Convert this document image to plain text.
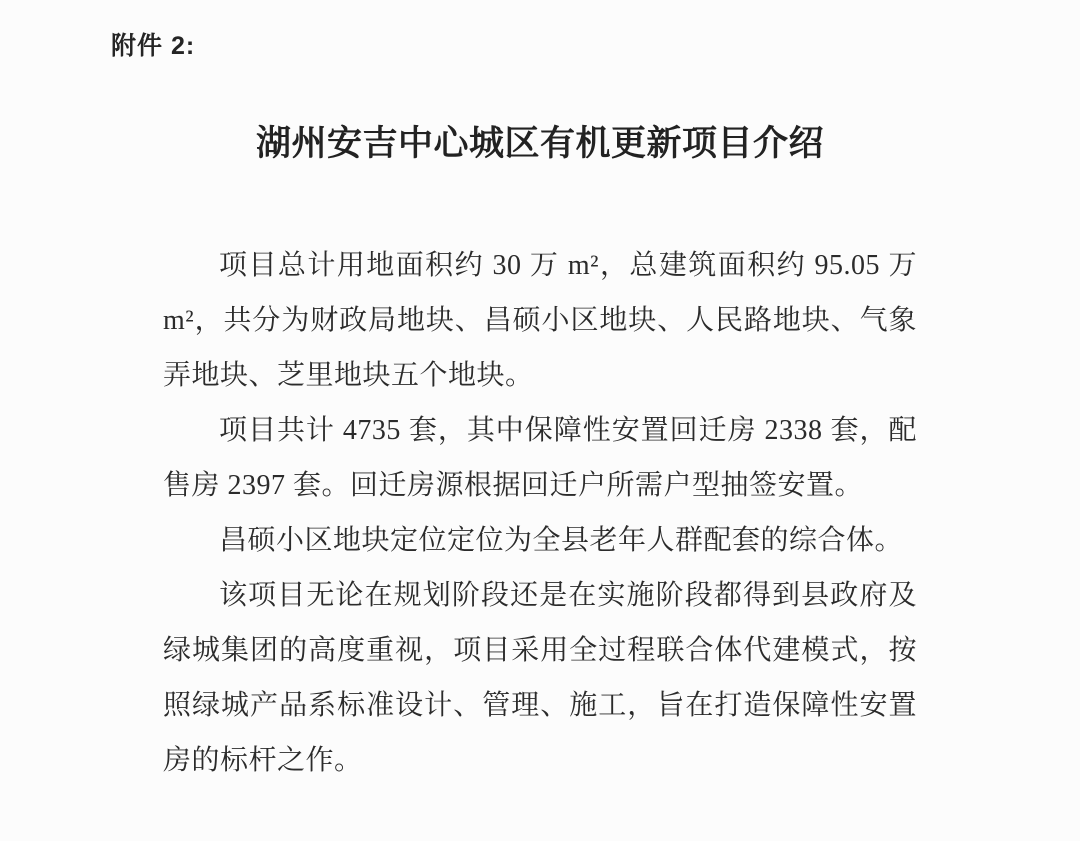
附件 2:
湖州安吉中心城区有机更新项目介绍

项目总计用地面积约 30 万 m²，总建筑面积约 95.05 万m²，共分为财政局地块、昌硕小区地块、人民路地块、气象弄地块、芝里地块五个地块。

项目共计 4735 套，其中保障性安置回迁房 2338 套，配售房 2397 套。回迁房源根据回迁户所需户型抽签安置。

昌硕小区地块定位定位为全县老年人群配套的综合体。

该项目无论在规划阶段还是在实施阶段都得到县政府及绿城集团的高度重视，项目采用全过程联合体代建模式，按照绿城产品系标准设计、管理、施工，旨在打造保障性安置房的标杆之作。
